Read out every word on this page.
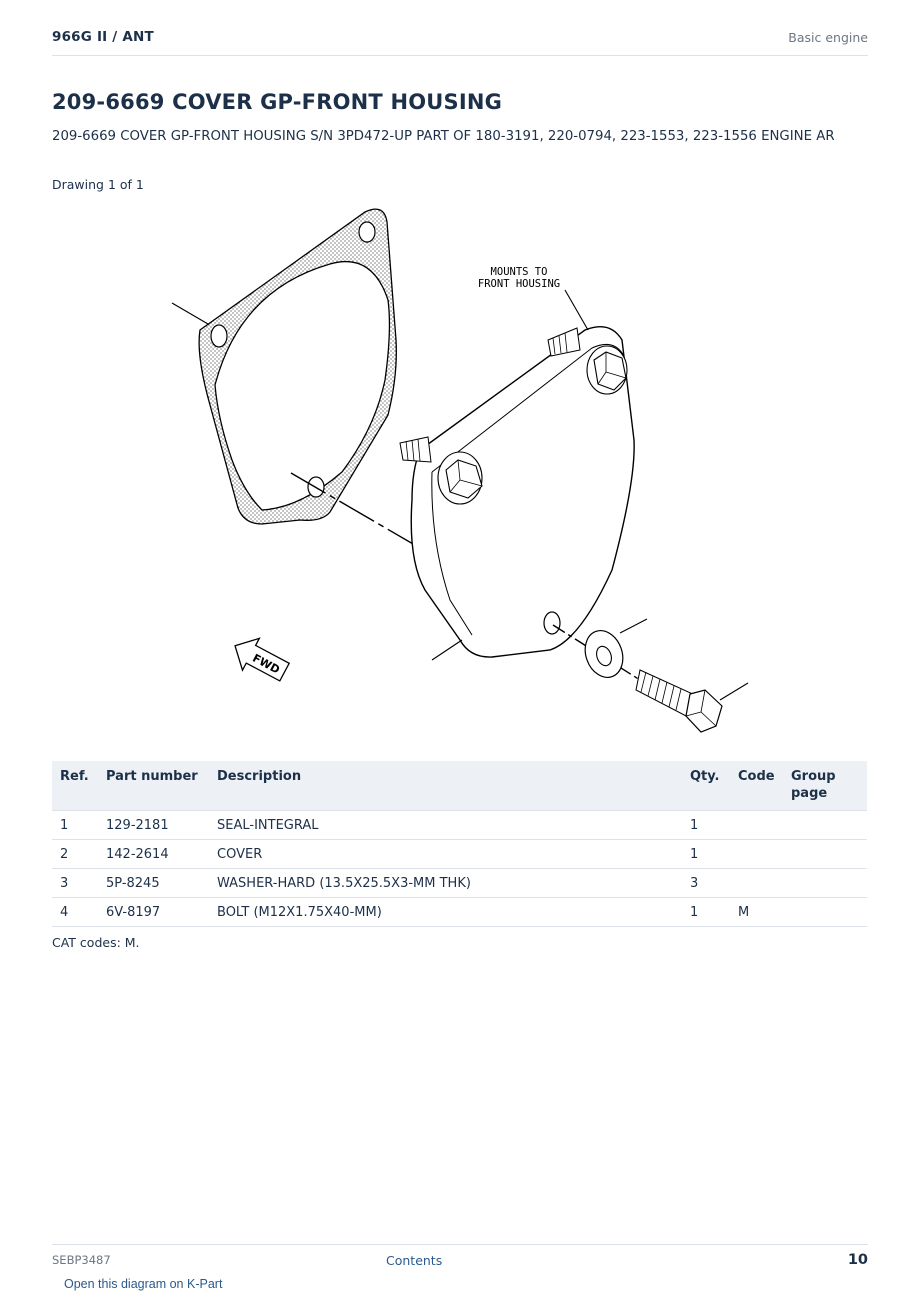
966G II / ANT	Basic engine
209-6669 COVER GP-FRONT HOUSING
209-6669 COVER GP-FRONT HOUSING S/N 3PD472-UP PART OF 180-3191, 220-0794, 223-1553, 223-1556 ENGINE AR
Drawing 1 of 1
MOUNTS TO
FRONT HOUSING
FWD
Ref.	Part number	Description	Qty.	Code	Group page
1	129-2181	SEAL-INTEGRAL	1		
2	142-2614	COVER	1		
3	5P-8245	WASHER-HARD (13.5X25.5X3-MM THK)	3		
4	6V-8197	BOLT (M12X1.75X40-MM)	1	M	
CAT codes: M.
SEBP3487	Contents	10
Open this diagram on K-Part
